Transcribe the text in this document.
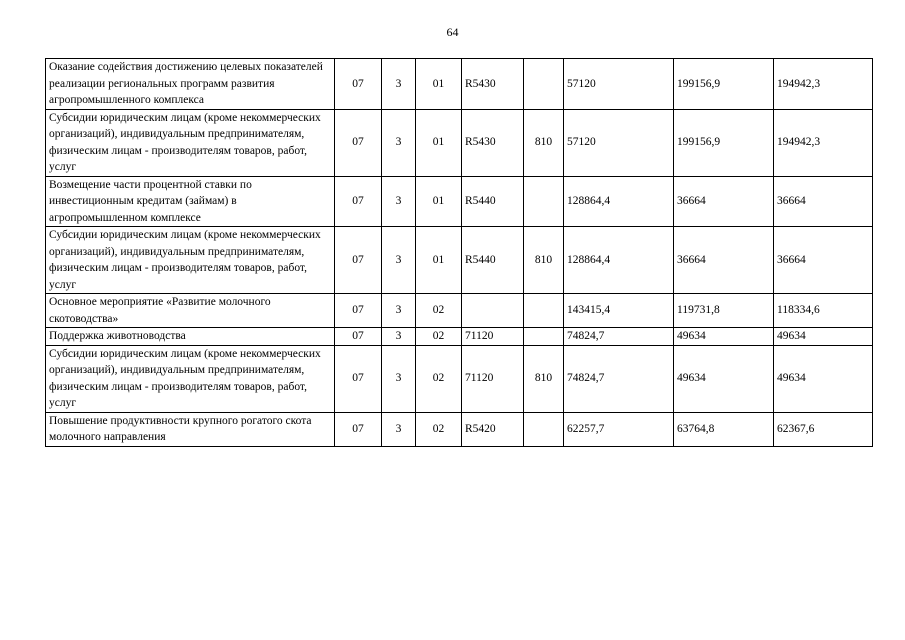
64
Оказание содействия достижению целевых показателей реализации региональных программ развития агропромышленного комплекса	07	3	01	R5430		57120	199156,9	194942,3
Субсидии юридическим лицам (кроме некоммерческих организаций), индивидуальным предпринимателям, физическим лицам - производителям товаров, работ, услуг	07	3	01	R5430	810	57120	199156,9	194942,3
Возмещение части процентной ставки по инвестиционным кредитам (займам) в агропромышленном комплексе	07	3	01	R5440		128864,4	36664	36664
Субсидии юридическим лицам (кроме некоммерческих организаций), индивидуальным предпринимателям, физическим лицам - производителям товаров, работ, услуг	07	3	01	R5440	810	128864,4	36664	36664
Основное мероприятие «Развитие молочного скотоводства»	07	3	02			143415,4	119731,8	118334,6
Поддержка животноводства	07	3	02	71120		74824,7	49634	49634
Субсидии юридическим лицам (кроме некоммерческих организаций), индивидуальным предпринимателям, физическим лицам - производителям товаров, работ, услуг	07	3	02	71120	810	74824,7	49634	49634
Повышение продуктивности крупного рогатого скота молочного направления	07	3	02	R5420		62257,7	63764,8	62367,6
